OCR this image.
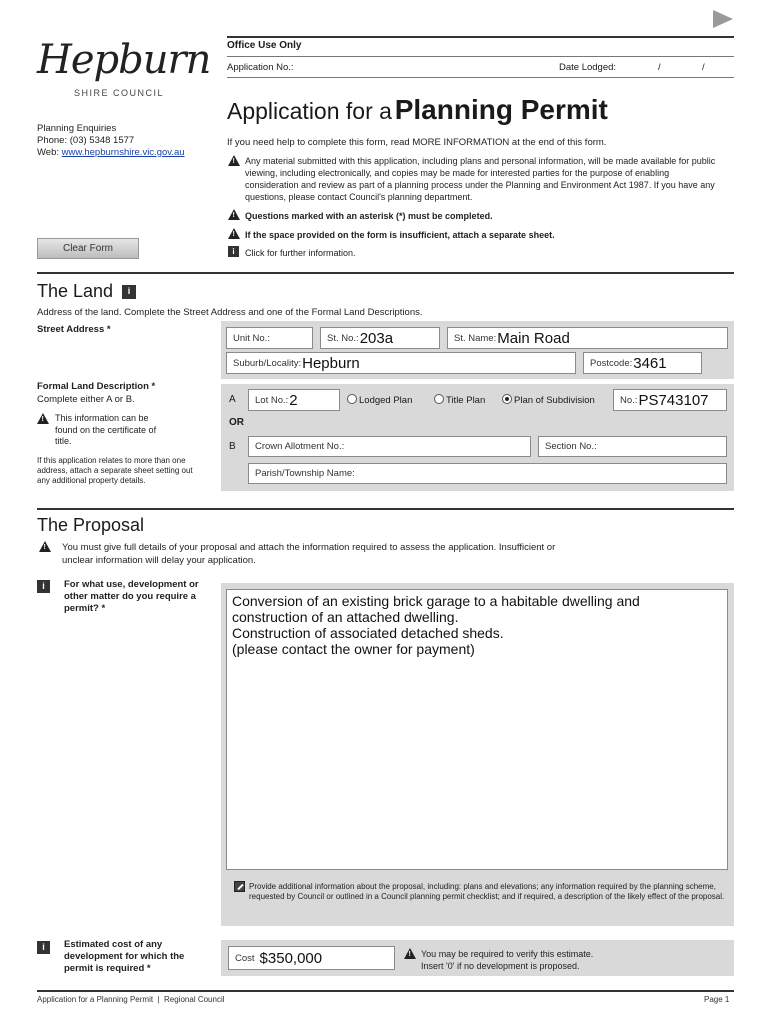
Hepburn
SHIRE COUNCIL
Planning Enquiries
Phone: (03) 5348 1577
Web: www.hepburnshire.vic.gov.au
Clear Form
Office Use Only
Application No.:	Date Lodged:	/	/
Application for a Planning Permit
If you need help to complete this form, read MORE INFORMATION at the end of this form.
!
Any material submitted with this application, including plans and personal information, will be made available for public viewing, including electronically, and copies may be made for interested parties for the purpose of enabling consideration and review as part of a planning process under the Planning and Environment Act 1987. If you have any questions, please contact Council's planning department.
!
Questions marked with an asterisk (*) must be completed.
!
If the space provided on the form is insufficient, attach a separate sheet.
i	Click for further information.
The Land	i
Address of the land. Complete the Street Address and one of the Formal Land Descriptions.
Street Address *
Unit No.:	St. No.: 203a	St. Name: Main Road
Suburb/Locality: Hepburn	Postcode: 3461
Formal Land Description *
Complete either A or B.
!
This information can be found on the certificate of title.
If this application relates to more than one address, attach a separate sheet setting out any additional property details.
A Lot No.: 2	Lodged Plan	Title Plan	Plan of Subdivision	No.: PS743107
OR
B Crown Allotment No.:	Section No.:
Parish/Township Name:
The Proposal
!
You must give full details of your proposal and attach the information required to assess the application. Insufficient or unclear information will delay your application.
i	For what use, development or other matter do you require a permit? *	Conversion of an existing brick garage to a habitable dwelling and
construction of an attached dwelling.
Construction of associated detached sheds.
(please contact the owner for payment)
Provide additional information about the proposal, including: plans and elevations; any information required by the planning scheme, requested by Council or outlined in a Council planning permit checklist; and if required, a description of the likely effect of the proposal.
i	Estimated cost of any development for which the permit is required *
Cost $350,000
!	You may be required to verify this estimate.
Insert '0' if no development is proposed.
Application for a Planning Permit  |  Regional Council	Page 1
